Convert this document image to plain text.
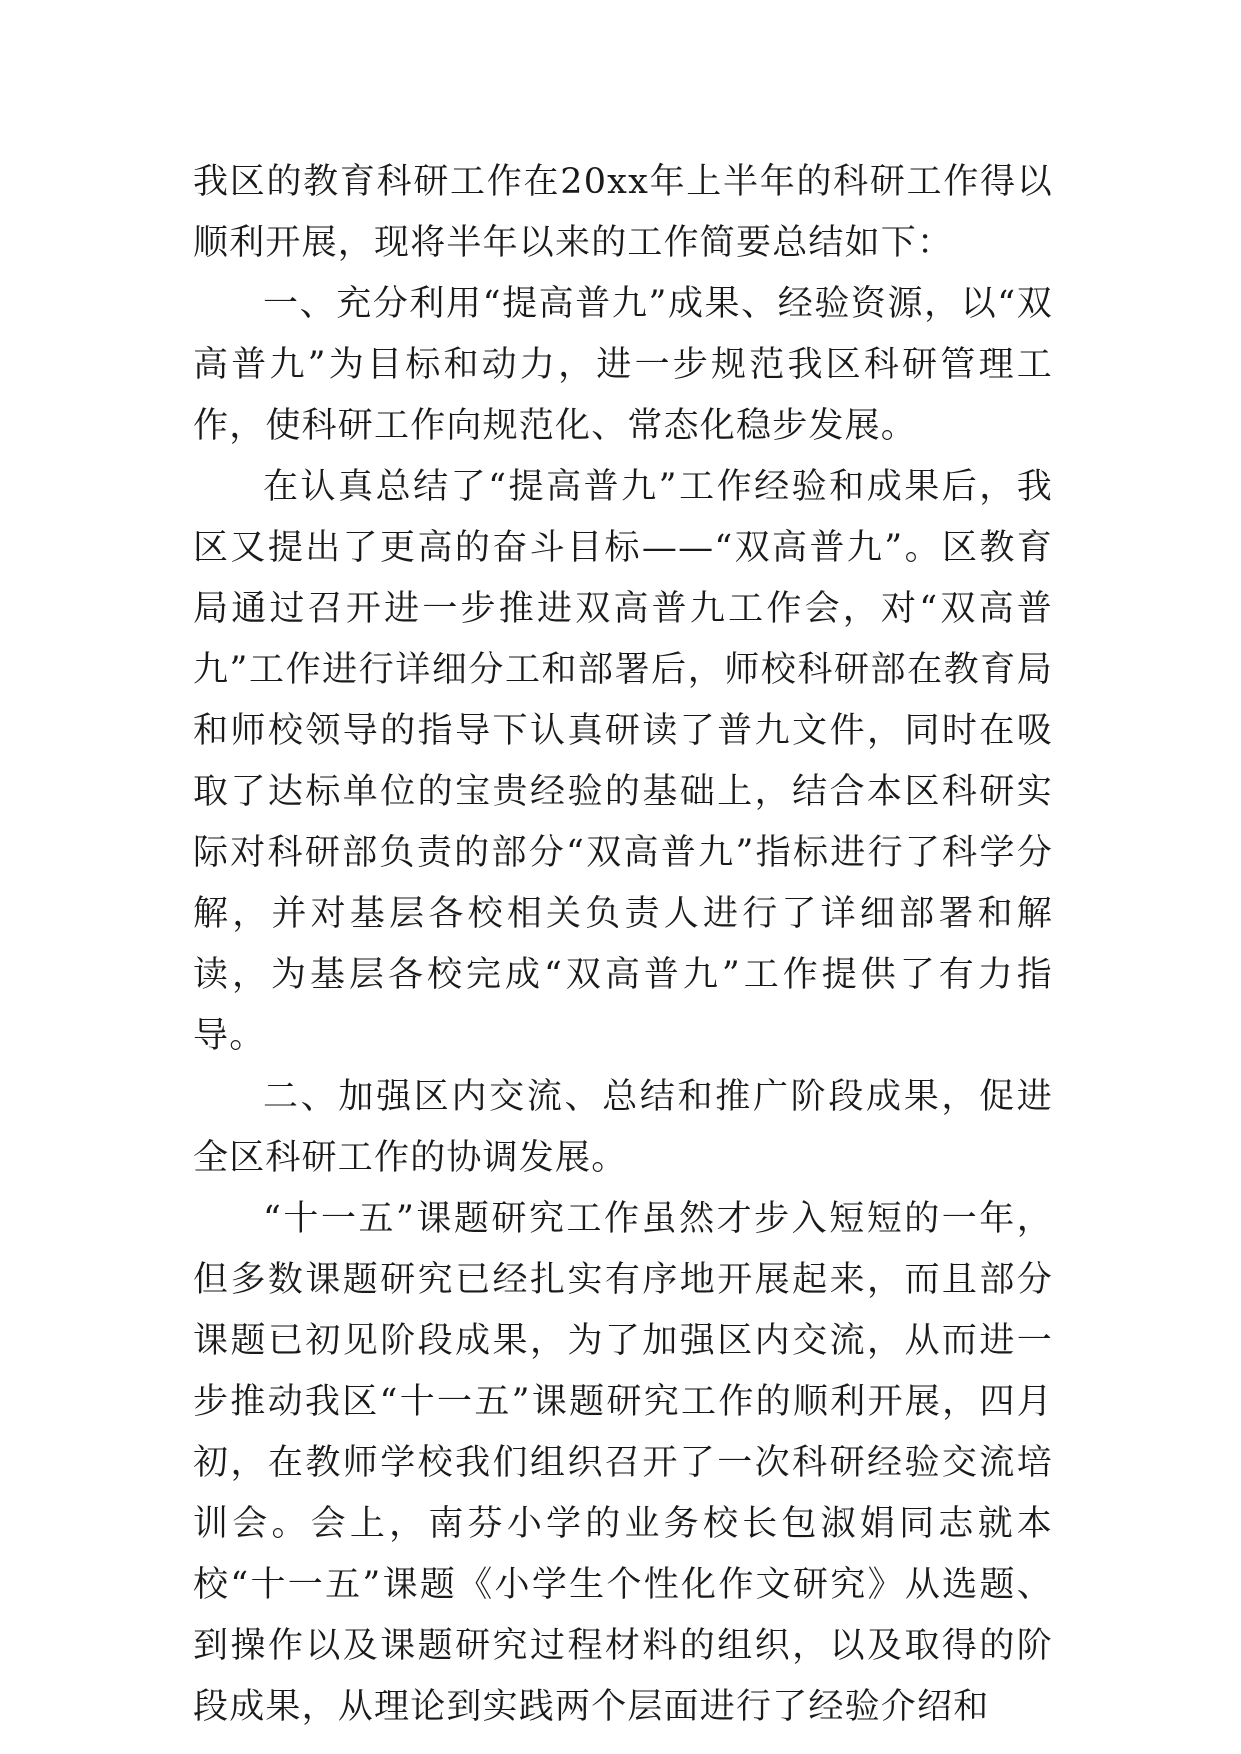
我区的教育科研工作在20xx年上半年的科研工作得以顺利开展，现将半年以来的工作简要总结如下：

一、充分利用“提高普九”成果、经验资源，以“双高普九”为目标和动力，进一步规范我区科研管理工作，使科研工作向规范化、常态化稳步发展。

在认真总结了“提高普九”工作经验和成果后，我区又提出了更高的奋斗目标——“双高普九”。区教育局通过召开进一步推进双高普九工作会，对“双高普九”工作进行详细分工和部署后，师校科研部在教育局和师校领导的指导下认真研读了普九文件，同时在吸取了达标单位的宝贵经验的基础上，结合本区科研实际对科研部负责的部分“双高普九”指标进行了科学分解，并对基层各校相关负责人进行了详细部署和解读，为基层各校完成“双高普九”工作提供了有力指导。

二、加强区内交流、总结和推广阶段成果，促进全区科研工作的协调发展。

“十一五”课题研究工作虽然才步入短短的一年，但多数课题研究已经扎实有序地开展起来，而且部分课题已初见阶段成果，为了加强区内交流，从而进一步推动我区“十一五”课题研究工作的顺利开展，四月初，在教师学校我们组织召开了一次科研经验交流培训会。会上，南芬小学的业务校长包淑娟同志就本校“十一五”课题《小学生个性化作文研究》从选题、到操作以及课题研究过程材料的组织，以及取得的阶段成果，从理论到实践两个层面进行了经验介绍和
